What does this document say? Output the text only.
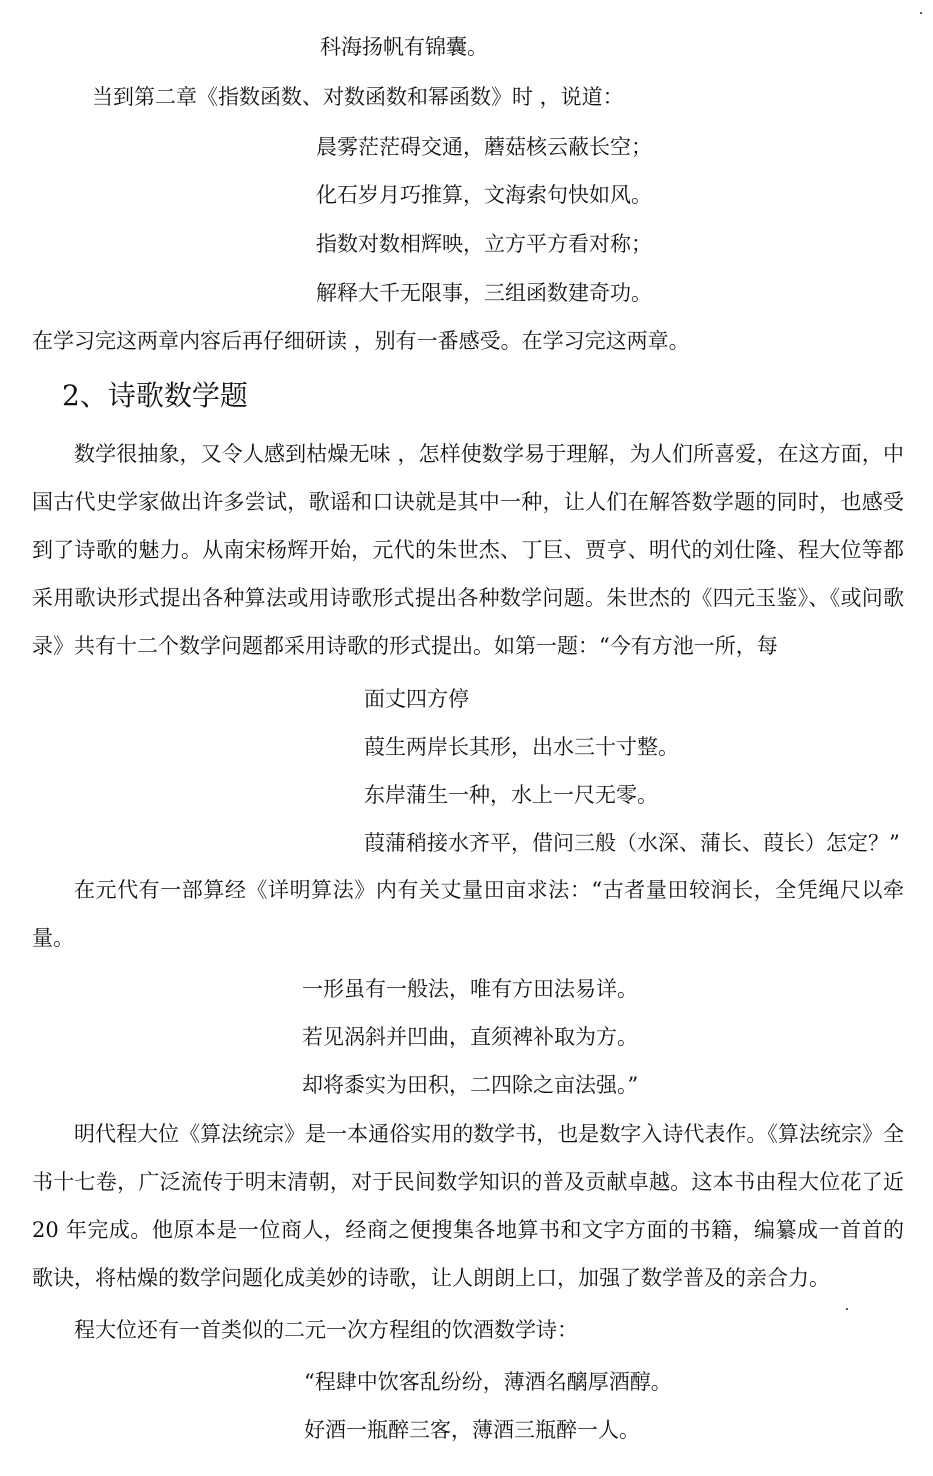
科海扬帆有锦囊。
当到第二章《指数函数、对数函数和幂函数》时 ，说道：
晨雾茫茫碍交通，蘑菇核云蔽长空；
化石岁月巧推算，文海索句快如风。
指数对数相辉映，立方平方看对称；
解释大千无限事，三组函数建奇功。
在学习完这两章内容后再仔细研读 ，别有一番感受。在学习完这两章。
2、诗歌数学题
数学很抽象，又令人感到枯燥无味 ，怎样使数学易于理解，为人们所喜爱，在这方面，中国古代史学家做出许多尝试，歌谣和口诀就是其中一种，让人们在解答数学题的同时，也感受到了诗歌的魅力。从南宋杨辉开始，元代的朱世杰、丁巨、贾亨、明代的刘仕隆、程大位等都采用歌诀形式提出各种算法或用诗歌形式提出各种数学问题。朱世杰的《四元玉鉴》、《或问歌录》共有十二个数学问题都采用诗歌的形式提出。如第一题：“今有方池一所，每
面丈四方停
葭生两岸长其形，出水三十寸整。
东岸蒲生一种，水上一尺无零。
葭蒲稍接水齐平，借问三般（水深、蒲长、葭长）怎定？”
在元代有一部算经《详明算法》内有关丈量田亩求法：“古者量田较润长，全凭绳尺以牵量。
一形虽有一般法，唯有方田法易详。
若见涡斜并凹曲，直须裨补取为方。
却将黍实为田积，二四除之亩法强。”
明代程大位《算法统宗》是一本通俗实用的数学书，也是数字入诗代表作。《算法统宗》全书十七卷，广泛流传于明末清朝，对于民间数学知识的普及贡献卓越。这本书由程大位花了近 20 年完成。他原本是一位商人，经商之便搜集各地算书和文字方面的书籍，编纂成一首首的歌诀，将枯燥的数学问题化成美妙的诗歌，让人朗朗上口，加强了数学普及的亲合力。
程大位还有一首类似的二元一次方程组的饮酒数学诗：
“程肆中饮客乱纷纷，薄酒名醨厚酒醇。
好酒一瓶醉三客，薄酒三瓶醉一人。
